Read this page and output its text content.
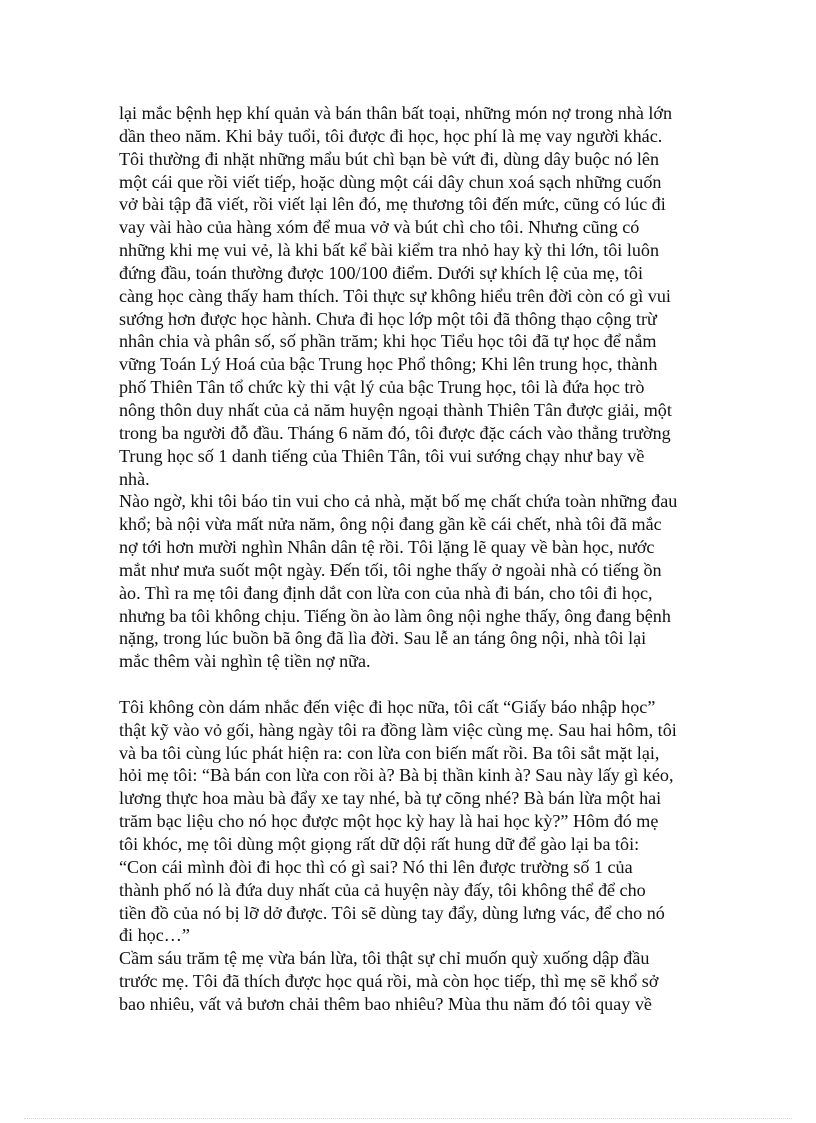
lại mắc bệnh hẹp khí quản và bán thân bất toại, những món nợ trong nhà lớn
dần theo năm. Khi bảy tuổi, tôi được đi học, học phí là mẹ vay người khác.
Tôi thường đi nhặt những mẩu bút chì bạn bè vứt đi, dùng dây buộc nó lên
một cái que rồi viết tiếp, hoặc dùng một cái dây chun xoá sạch những cuốn
vở bài tập đã viết, rồi viết lại lên đó, mẹ thương tôi đến mức, cũng có lúc đi
vay vài hào của hàng xóm để mua vở và bút chì cho tôi. Nhưng cũng có
những khi mẹ vui vẻ, là khi bất kể bài kiểm tra nhỏ hay kỳ thi lớn, tôi luôn
đứng đầu, toán thường được 100/100 điểm. Dưới sự khích lệ của mẹ, tôi
càng học càng thấy ham thích. Tôi thực sự không hiểu trên đời còn có gì vui
sướng hơn được học hành. Chưa đi học lớp một tôi đã thông thạo cộng trừ
nhân chia và phân số, số phần trăm; khi học Tiểu học tôi đã tự học để nắm
vững Toán Lý Hoá của bậc Trung học Phổ thông; Khi lên trung học, thành
phố Thiên Tân tổ chức kỳ thi vật lý của bậc Trung học, tôi là đứa học trò
nông thôn duy nhất của cả năm huyện ngoại thành Thiên Tân được giải, một
trong ba người đỗ đầu. Tháng 6 năm đó, tôi được đặc cách vào thẳng trường
Trung học số 1 danh tiếng của Thiên Tân, tôi vui sướng chạy như bay về
nhà.
Nào ngờ, khi tôi báo tin vui cho cả nhà, mặt bố mẹ chất chứa toàn những đau
khổ; bà nội vừa mất nửa năm, ông nội đang gần kề cái chết, nhà tôi đã mắc
nợ tới hơn mười nghìn Nhân dân tệ rồi. Tôi lặng lẽ quay về bàn học, nước
mắt như mưa suốt một ngày. Đến tối, tôi nghe thấy ở ngoài nhà có tiếng ồn
ào. Thì ra mẹ tôi đang định dắt con lừa con của nhà đi bán, cho tôi đi học,
nhưng ba tôi không chịu. Tiếng ồn ào làm ông nội nghe thấy, ông đang bệnh
nặng, trong lúc buồn bã ông đã lìa đời. Sau lễ an táng ông nội, nhà tôi lại
mắc thêm vài nghìn tệ tiền nợ nữa.
Tôi không còn dám nhắc đến việc đi học nữa, tôi cất “Giấy báo nhập học”
thật kỹ vào vỏ gối, hàng ngày tôi ra đồng làm việc cùng mẹ. Sau hai hôm, tôi
và ba tôi cùng lúc phát hiện ra: con lừa con biến mất rồi. Ba tôi sắt mặt lại,
hỏi mẹ tôi: “Bà bán con lừa con rồi à? Bà bị thần kinh à? Sau này lấy gì kéo,
lương thực hoa màu bà đẩy xe tay nhé, bà tự cõng nhé? Bà bán lừa một hai
trăm bạc liệu cho nó học được một học kỳ hay là hai học kỳ?” Hôm đó mẹ
tôi khóc, mẹ tôi dùng một giọng rất dữ dội rất hung dữ để gào lại ba tôi:
“Con cái mình đòi đi học thì có gì sai? Nó thi lên được trường số 1 của
thành phố nó là đứa duy nhất của cả huyện này đấy, tôi không thể để cho
tiền đồ của nó bị lỡ dở được. Tôi sẽ dùng tay đẩy, dùng lưng vác, để cho nó
đi học…”
Cầm sáu trăm tệ mẹ vừa bán lừa, tôi thật sự chỉ muốn quỳ xuống dập đầu
trước mẹ. Tôi đã thích được học quá rồi, mà còn học tiếp, thì mẹ sẽ khổ sở
bao nhiêu, vất vả bươn chải thêm bao nhiêu? Mùa thu năm đó tôi quay về
